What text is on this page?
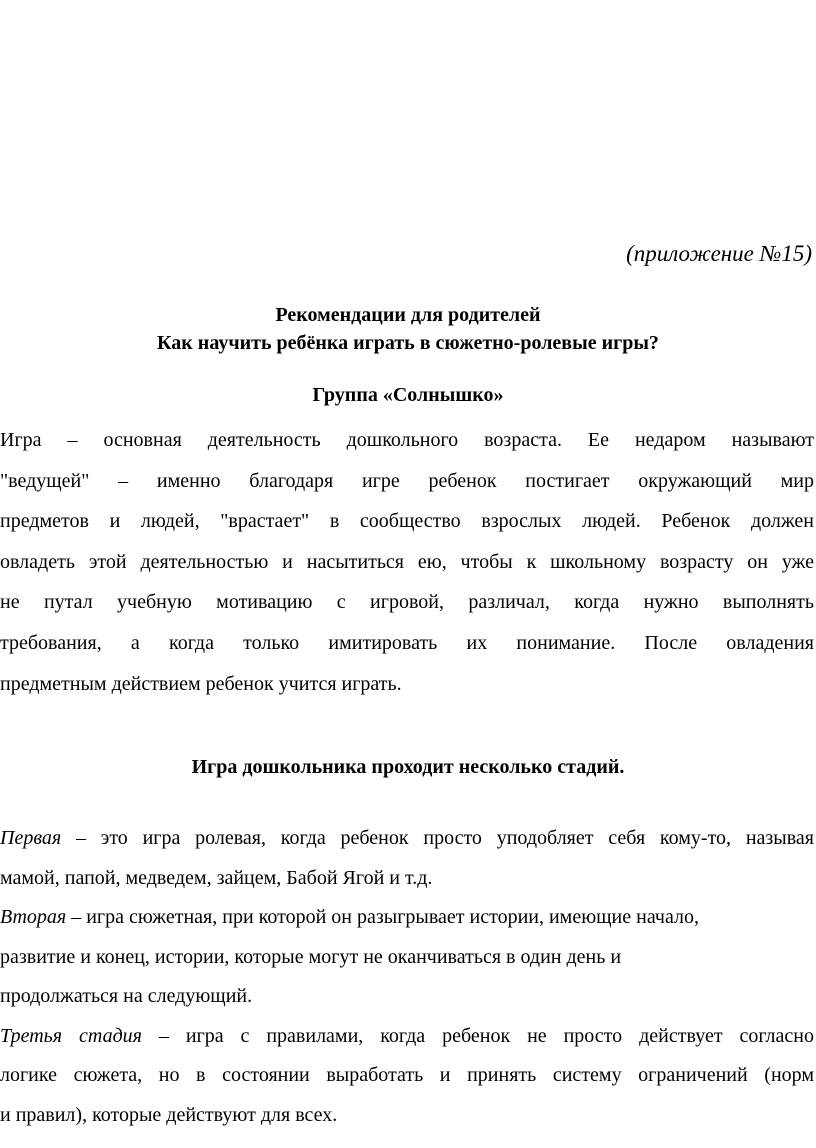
(приложение №15)
Рекомендации для родителей
Как научить ребёнка играть в сюжетно-ролевые игры?
Группа «Солнышко»
Игра – основная деятельность дошкольного возраста. Ее недаром называют
"ведущей" – именно благодаря игре ребенок постигает окружающий мир
предметов и людей, "врастает" в сообщество взрослых людей. Ребенок должен
овладеть этой деятельностью и насытиться ею, чтобы к школьному возрасту он уже
не путал учебную мотивацию с игровой, различал, когда нужно выполнять
требования, а когда только имитировать их понимание. После овладения
предметным действием ребенок учится играть.
Игра дошкольника проходит несколько стадий.
Первая – это игра ролевая, когда ребенок просто уподобляет себя кому-то, называя
мамой, папой, медведем, зайцем, Бабой Ягой и т.д.
Вторая – игра сюжетная, при которой он разыгрывает истории, имеющие начало,
развитие и конец, истории, которые могут не оканчиваться в один день и
продолжаться на следующий.
Третья стадия – игра с правилами, когда ребенок не просто действует согласно
логике сюжета, но в состоянии выработать и принять систему ограничений (норм
и правил), которые действуют для всех.
